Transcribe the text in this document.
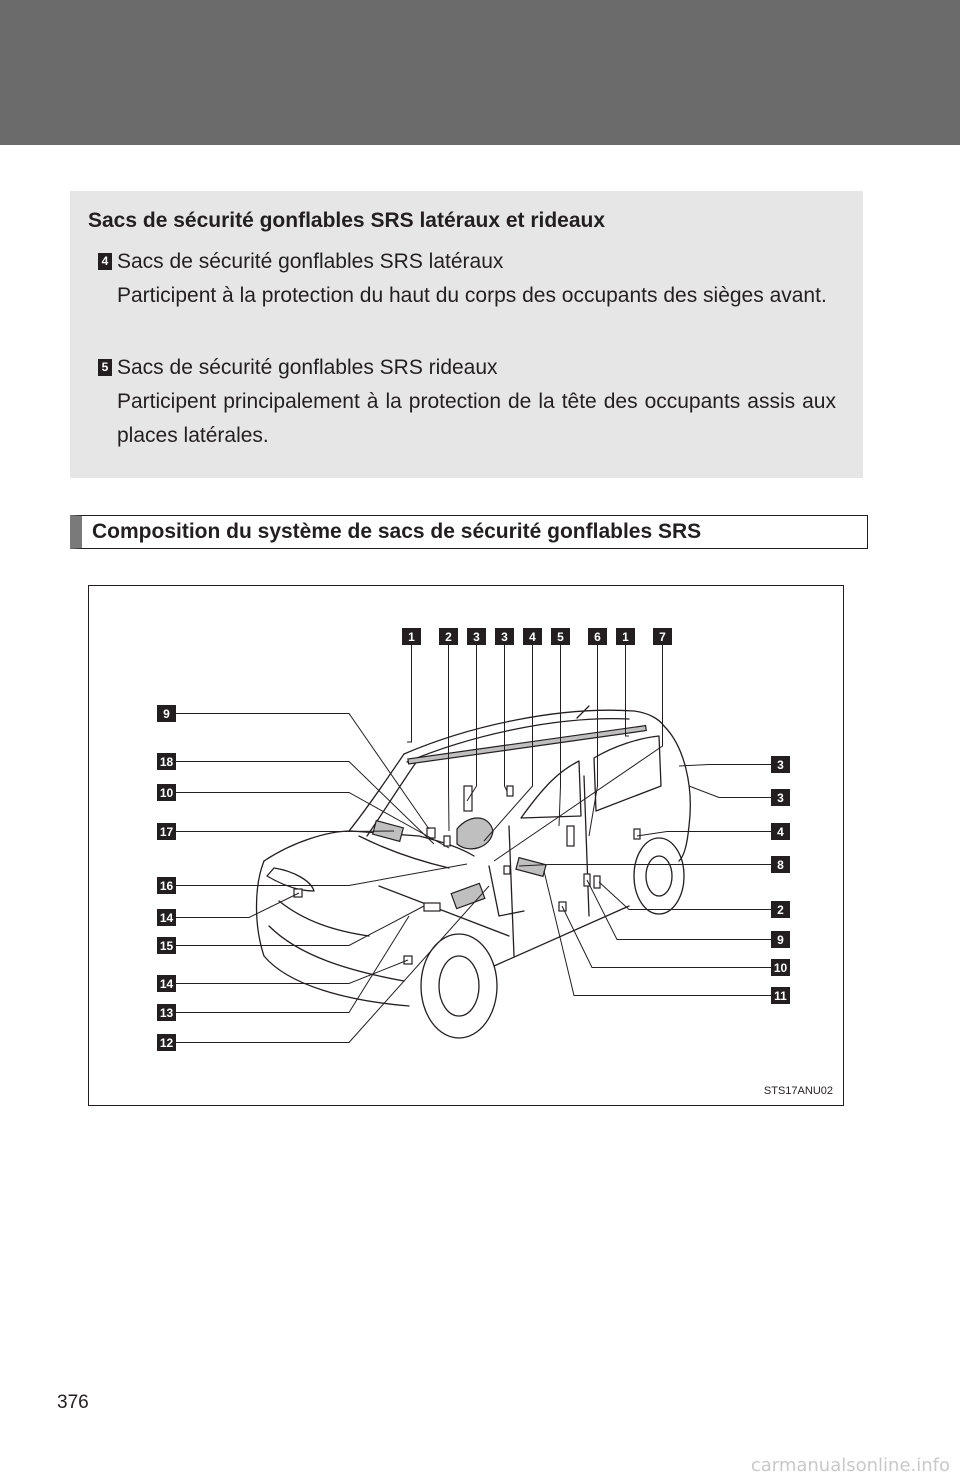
Sacs de sécurité gonflables SRS latéraux et rideaux
4 Sacs de sécurité gonflables SRS latéraux
Participent à la protection du haut du corps des occupants des sièges avant.
5 Sacs de sécurité gonflables SRS rideaux
Participent principalement à la protection de la tête des occupants assis aux places latérales.
Composition du système de sacs de sécurité gonflables SRS
1	2 3 3 4 5	6 1	7
9
18
10
17
16
14
15
14
13
12
3
3
4
8
2
9
10
11
STS17ANU02
376
carmanualsonline.info
